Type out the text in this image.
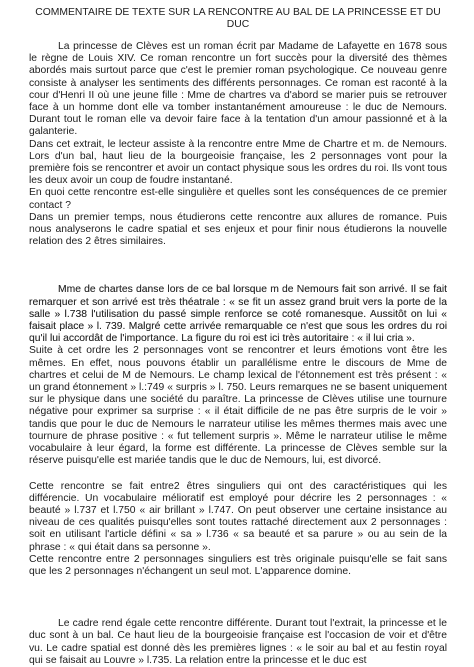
COMMENTAIRE DE TEXTE SUR LA RENCONTRE AU BAL DE LA PRINCESSE ET DU DUC

La princesse de Clèves est un roman écrit par Madame de Lafayette en 1678 sous le règne de Louis XIV. Ce roman rencontre un fort succès pour la diversité des thèmes abordés mais surtout parce que c'est le premier roman psychologique. Ce nouveau genre consiste à analyser les sentiments des différents personnages. Ce roman est raconté à la cour d'Henri II où une jeune fille : Mme de chartres va d'abord se marier puis se retrouver face à un homme dont elle va tomber instantanément amoureuse : le duc de Nemours. Durant tout le roman elle va devoir faire face à la tentation d'un amour passionné et à la galanterie.

Dans cet extrait, le lecteur assiste à la rencontre entre Mme de Chartre et m. de Nemours. Lors d'un bal, haut lieu de la bourgeoisie française, les 2 personnages vont pour la première fois se rencontrer et avoir un contact physique sous les ordres du roi. Ils vont tous les deux avoir un coup de foudre instantané.

En quoi cette rencontre est-elle singulière et quelles sont les conséquences de ce premier contact ?

Dans un premier temps, nous étudierons cette rencontre aux allures de romance. Puis nous analyserons le cadre spatial et ses enjeux et pour finir nous étudierons la nouvelle relation des 2 êtres similaires.

Mme de chartes danse lors de ce bal lorsque m de Nemours fait son arrivé. Il se fait remarquer et son arrivé est très théatrale : « se fit un assez grand bruit vers la porte de la salle » l.738 l'utilisation du passé simple renforce se coté romanesque. Aussitôt on lui « faisait place » l. 739. Malgré cette arrivée remarquable ce n'est que sous les ordres du roi qu'il lui accordât de l'importance. La figure du roi est ici très autoritaire : « il lui cria ».

Suite à cet ordre les 2 personnages vont se rencontrer et leurs émotions vont être les mêmes. En effet, nous pouvons établir un parallélisme entre le discours de Mme de chartres et celui de M de Nemours. Le champ lexical de l'étonnement est très présent : « un grand étonnement » l.:749 « surpris » l. 750. Leurs remarques ne se basent uniquement sur le physique dans une société du paraître. La princesse de Clèves utilise une tournure négative pour exprimer sa surprise : « il était difficile de ne pas être surpris de le voir » tandis que pour le duc de Nemours le narrateur utilise les mêmes thermes mais avec une tournure de phrase positive : « fut tellement surpris ». Même le narrateur utilise le même vocabulaire à leur égard, la forme est différente. La princesse de Clèves semble sur la réserve puisqu'elle est mariée tandis que le duc de Nemours, lui, est divorcé.

Cette rencontre se fait entre2 êtres singuliers qui ont des caractéristiques qui les différencie. Un vocabulaire mélioratif est employé pour décrire les 2 personnages : « beauté » l.737 et l.750 « air brillant » l.747. On peut observer une certaine insistance au niveau de ces qualités puisqu'elles sont toutes rattaché directement aux 2 personnages : soit en utilisant l'article défini « sa » l.736 « sa beauté et sa parure » ou au sein de la phrase : « qui était dans sa personne ».

Cette rencontre entre 2 personnages singuliers est très originale puisqu'elle se fait sans que les 2 personnages n'échangent un seul mot. L'apparence domine.

Le cadre rend égale cette rencontre différente. Durant tout l'extrait, la princesse et le duc sont à un bal. Ce haut lieu de la bourgeoisie française est l'occasion de voir et d'être vu. Le cadre spatial est donné dès les premières lignes : « le soir au bal et au festin royal qui se faisait au Louvre » l.735. La relation entre la princesse et le duc est
